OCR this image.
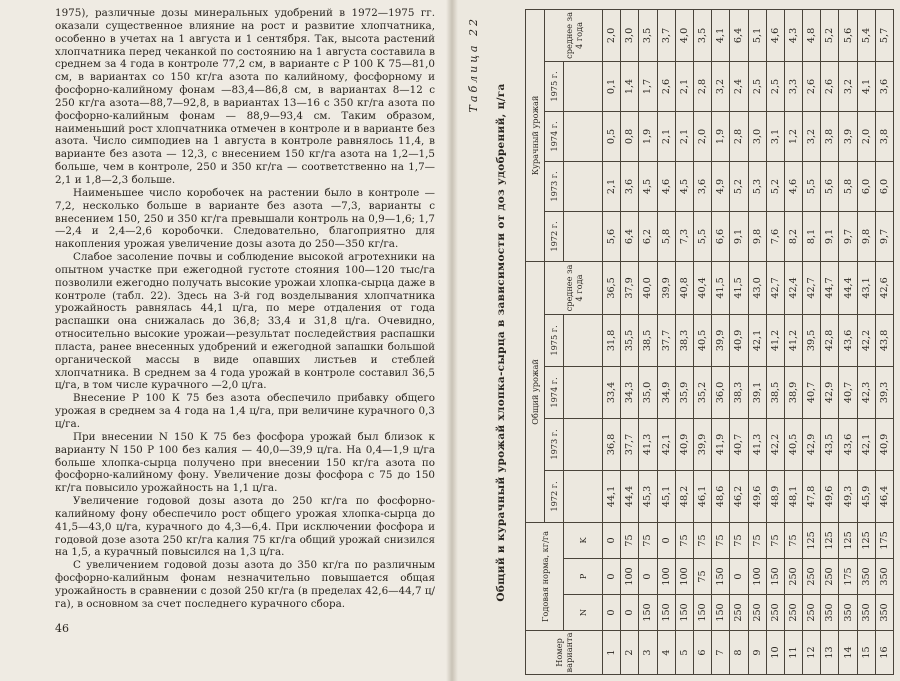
1975), различные дозы минеральных удобрений в 1972—1975 гг. оказали существенное влияние на рост и развитие хлопчатника, особенно в учетах на 1 августа и 1 сентября. Так, высота растений хлопчатника перед чеканкой по состоянию на 1 августа составила в среднем за 4 года в контроле 77,2 см, в варианте с Р 100 К 75—81,0 см, в вариантах со 150 кг/га азота по калийному, фосфорному и фосфорно-калийному фонам —83,4—86,8 см, в вариантах 8—12 с 250 кг/га азота—88,7—92,8, в вариантах 13—16 с 350 кг/га азота по фосфорно-калийным фонам — 88,9—93,4 см. Таким образом, наименьший рост хлопчатника отмечен в контроле и в варианте без азота. Число симподиев на 1 августа в контроле равнялось 11,4, в варианте без азота — 12,3, с внесением 150 кг/га азота на 1,2—1,5 больше, чем в контроле, 250 и 350 кг/га — соответственно на 1,7—2,1 и 1,8—2,3 больше.

Наименьшее число коробочек на растении было в контроле — 7,2, несколько больше в варианте без азота —7,3, варианты с внесением 150, 250 и 350 кг/га превышали контроль на 0,9—1,6; 1,7—2,4 и 2,4—2,6 коробочки. Следовательно, благоприятно для накопления урожая увеличение дозы азота до 250—350 кг/га.

Слабое засоление почвы и соблюдение высокой агротехники на опытном участке при ежегодной густоте стояния 100—120 тыс/га позволили ежегодно получать высокие урожаи хлопка-сырца даже в контроле (табл. 22). Здесь на 3-й год возделывания хлопчатника урожайность равнялась 44,1 ц/га, по мере отдаления от года распашки она снижалась до 36,8; 33,4 и 31,8 ц/га. Очевидно, относительно высокие урожаи—результат последействия распашки пласта, ранее внесенных удобрений и ежегодной запашки большой органической массы в виде опавших листьев и стеблей хлопчатника. В среднем за 4 года урожай в контроле составил 36,5 ц/га, в том числе курачного —2,0 ц/га.

Внесение Р 100 К 75 без азота обеспечило прибавку общего урожая в среднем за 4 года на 1,4 ц/га, при величине курачного 0,3 ц/га.

При внесении N 150 К 75 без фосфора урожай был близок к варианту N 150 Р 100 без калия — 40,0—39,9 ц/га. На 0,4—1,9 ц/га больше хлопка-сырца получено при внесении 150 кг/га азота по фосфорно-калийному фону. Увеличение дозы фосфора с 75 до 150 кг/га повысило урожайность на 1,1 ц/га.

Увеличение годовой дозы азота до 250 кг/га по фосфорно-калийному фону обеспечило рост общего урожая хлопка-сырца до 41,5—43,0 ц/га, курачного до 4,3—6,4. При исключении фосфора и годовой дозе азота 250 кг/га калия 75 кг/га общий урожай снизился на 1,5, а курачный повысился на 1,3 ц/га.

С увеличением годовой дозы азота до 350 кг/га по различным фосфорно-калийным фонам незначительно повышается общая урожайность в сравнении с дозой 250 кг/га (в пределах 42,6—44,7 ц/га), в основном за счет последнего курачного сбора.

46
Таблица 22
Общий и курачный урожай хлопка-сырца в зависимости от доз удобрений, ц/га
Номер варианта	Годовая норма, кг/га			Общий урожай					Курачный урожай				
				1972 г.	1973 г.	1974 г.	1975 г.	среднее за 4 года	1972 г.	1973 г.	1974 г.	1975 г.	среднее за 4 года
	N	P	K										
1	0	0	0	44,1	36,8	33,4	31,8	36,5	5,6	2,1	0,5	0,1	2,0
2	0	100	75	44,4	37,7	34,3	35,5	37,9	6,4	3,6	0,8	1,4	3,0
3	150	0	75	45,3	41,3	35,0	38,5	40,0	6,2	4,5	1,9	1,7	3,5
4	150	100	0	45,1	42,1	34,9	37,7	39,9	5,8	4,6	2,1	2,6	3,7
5	150	100	75	48,2	40,9	35,9	38,3	40,8	7,3	4,5	2,1	2,1	4,0
6	150	75	75	46,1	39,9	35,2	40,5	40,4	5,5	3,6	2,0	2,8	3,5
7	150	150	75	48,6	41,9	36,0	39,9	41,5	6,6	4,9	1,9	3,2	4,1
8	250	0	75	46,2	40,7	38,3	40,9	41,5	9,1	5,2	2,8	2,4	6,4
9	250	100	75	49,6	41,3	39,1	42,1	43,0	9,8	5,3	3,0	2,5	5,1
10	250	150	75	48,9	42,2	38,5	41,2	42,7	7,6	5,2	3,1	2,5	4,6
11	250	250	75	48,1	40,5	38,9	41,2	42,4	8,2	4,6	1,2	3,3	4,3
12	250	250	125	47,8	42,9	40,7	39,5	42,7	8,1	5,5	3,2	2,6	4,8
13	350	250	125	49,6	43,5	42,9	42,8	44,7	9,1	5,6	3,8	2,6	5,2
14	350	175	125	49,3	43,6	40,7	43,6	44,4	9,7	5,8	3,9	3,2	5,6
15	350	350	125	45,9	42,1	42,3	42,2	43,1	9,8	6,0	2,0	4,1	5,4
16	350	350	175	46,4	40,9	39,3	43,8	42,6	9,7	6,0	3,8	3,6	5,7
